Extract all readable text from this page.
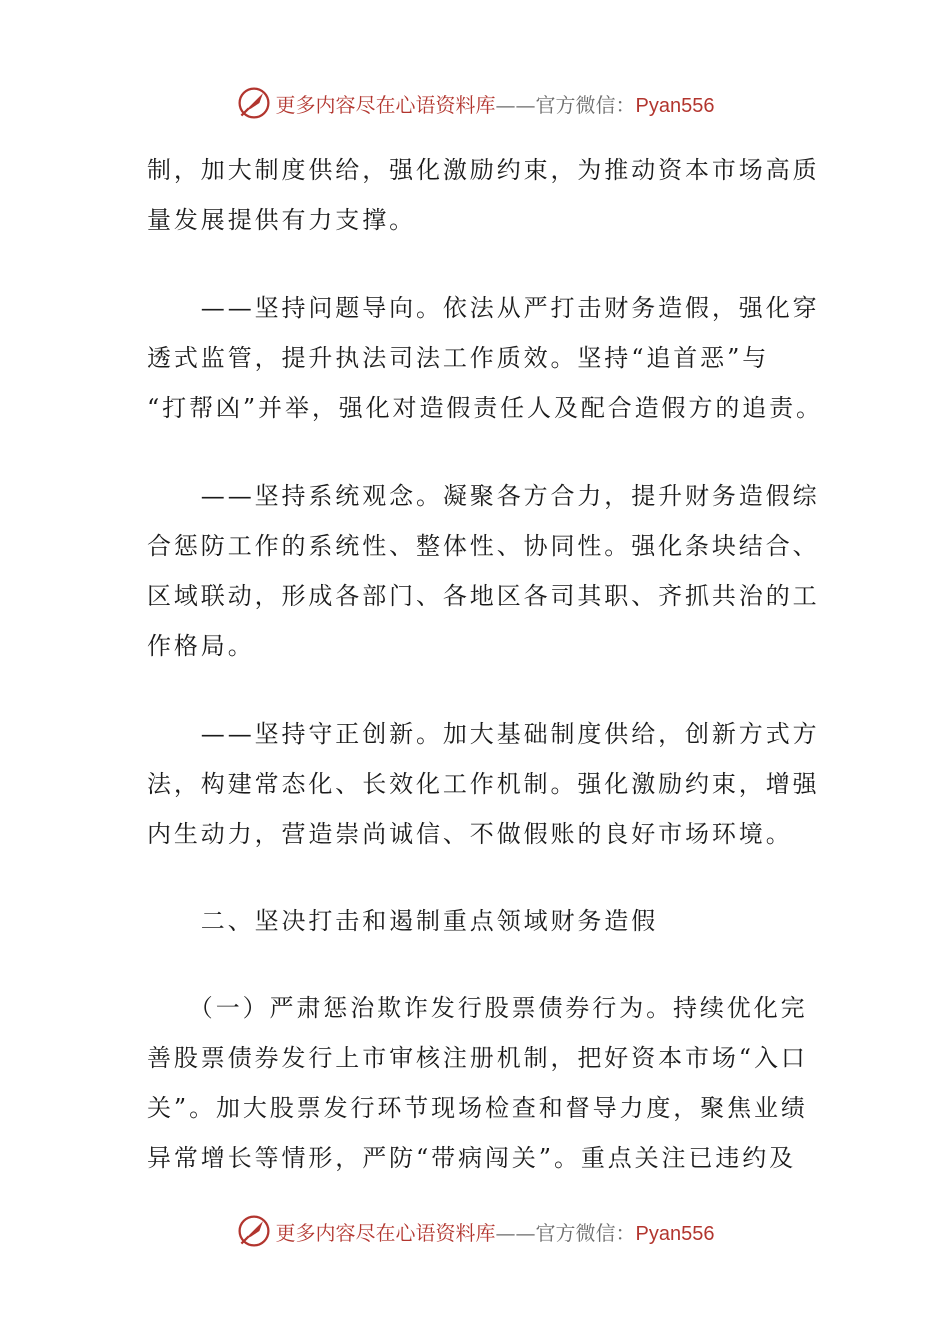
更多内容尽在心语资料库——官方微信：Pyan556
制，加大制度供给，强化激励约束，为推动资本市场高质
量发展提供有力支撑。
　　——坚持问题导向。依法从严打击财务造假，强化穿
透式监管，提升执法司法工作质效。坚持“追首恶”与
“打帮凶”并举，强化对造假责任人及配合造假方的追责。
　　——坚持系统观念。凝聚各方合力，提升财务造假综
合惩防工作的系统性、整体性、协同性。强化条块结合、
区域联动，形成各部门、各地区各司其职、齐抓共治的工
作格局。
　　——坚持守正创新。加大基础制度供给，创新方式方
法，构建常态化、长效化工作机制。强化激励约束，增强
内生动力，营造崇尚诚信、不做假账的良好市场环境。
　　二、坚决打击和遏制重点领域财务造假
　　（一）严肃惩治欺诈发行股票债券行为。持续优化完
善股票债券发行上市审核注册机制，把好资本市场“入口
关”。加大股票发行环节现场检查和督导力度，聚焦业绩
异常增长等情形，严防“带病闯关”。重点关注已违约及
更多内容尽在心语资料库——官方微信：Pyan556
